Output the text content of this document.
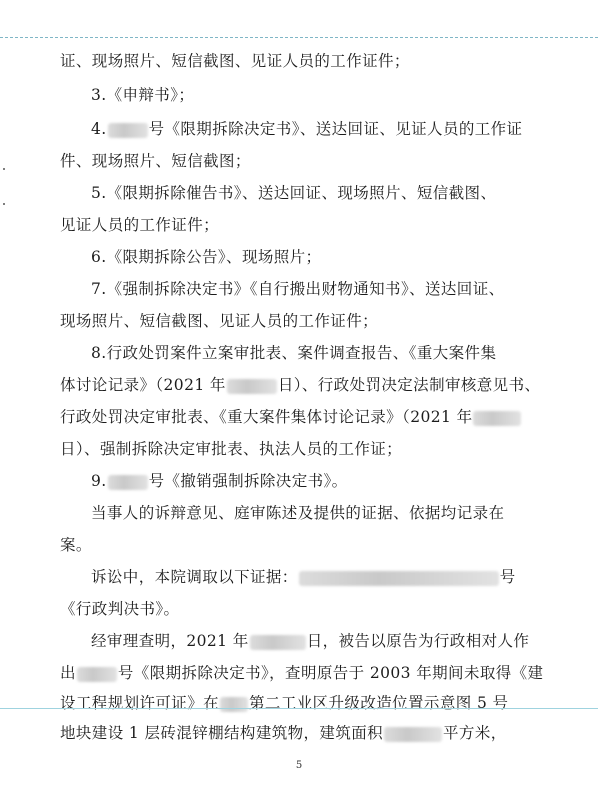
证、现场照片、短信截图、见证人员的工作证件；
3.《申辩书》；
4.	号《限期拆除决定书》、送达回证、见证人员的工作证
件、现场照片、短信截图；
5.《限期拆除催告书》、送达回证、现场照片、短信截图、
见证人员的工作证件；
6.《限期拆除公告》、现场照片；
7.《强制拆除决定书》《自行搬出财物通知书》、送达回证、
现场照片、短信截图、见证人员的工作证件；
8.行政处罚案件立案审批表、案件调查报告、《重大案件集
体讨论记录》（2021 年	日）、行政处罚决定法制审核意见书、
行政处罚决定审批表、《重大案件集体讨论记录》（2021 年
日）、强制拆除决定审批表、执法人员的工作证；
9.	号《撤销强制拆除决定书》。
当事人的诉辩意见、庭审陈述及提供的证据、依据均记录在
案。
诉讼中，本院调取以下证据：	号
《行政判决书》。
经审理查明，2021 年	日，被告以原告为行政相对人作
出	号《限期拆除决定书》，查明原告于 2003 年期间未取得《建
设工程规划许可证》在 第二工业区升级改造位置示意图 5 号
地块建设 1 层砖混锌棚结构建筑物，建筑面积	平方米，
5
